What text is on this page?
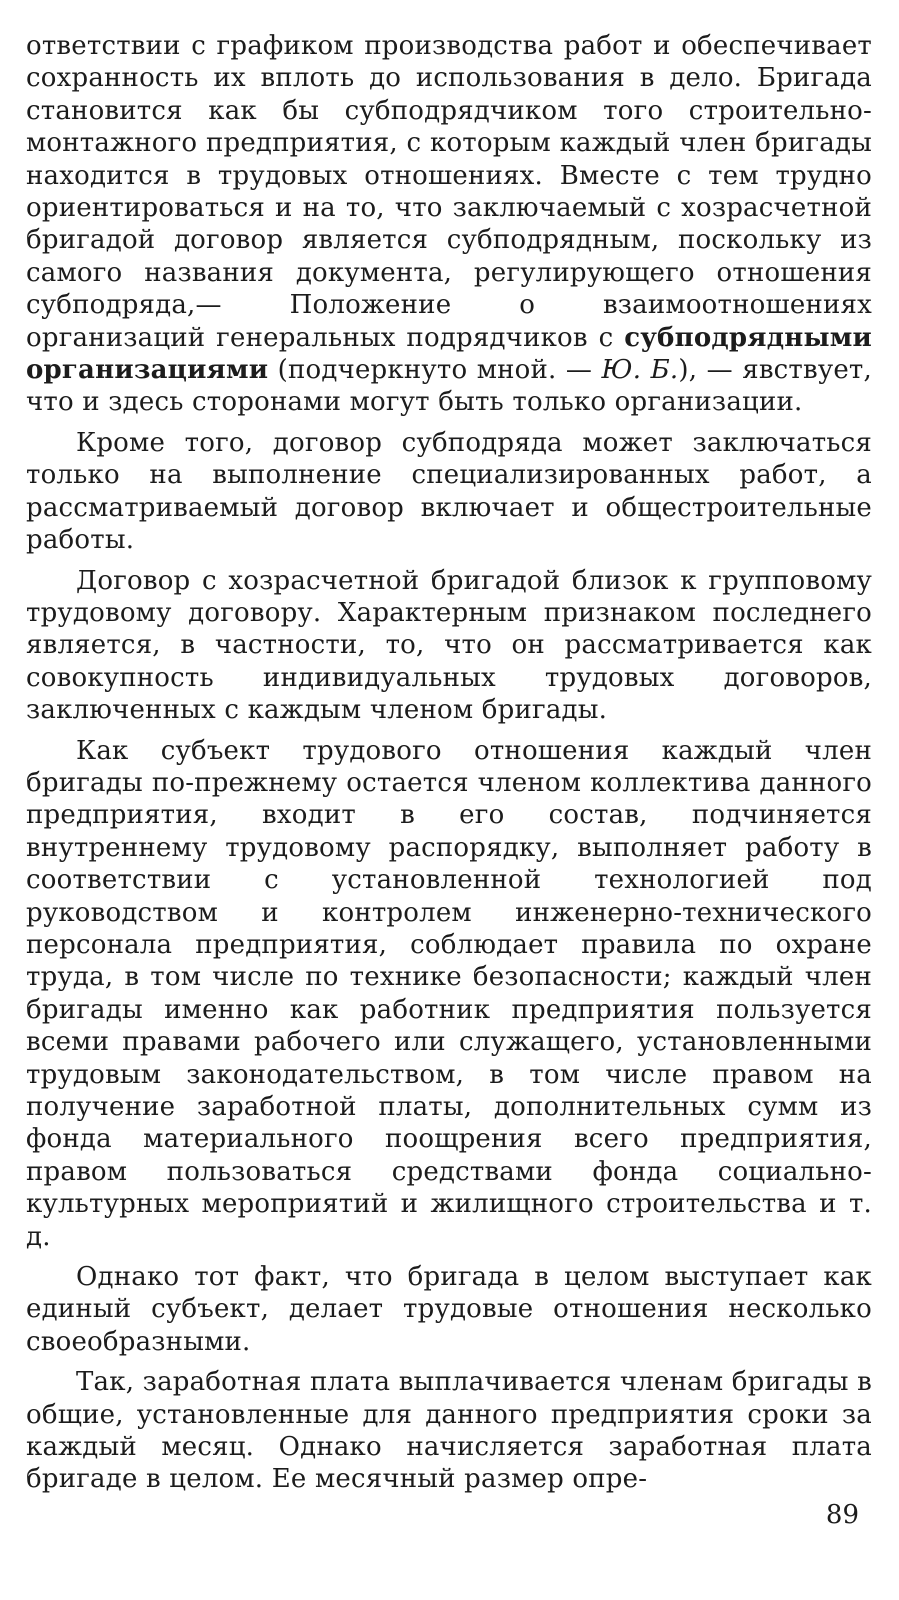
ответствии с графиком производства работ и обеспечивает сохранность их вплоть до использования в дело. Бригада становится как бы субподрядчиком того строительно-монтажного предприятия, с которым каждый член бригады находится в трудовых отношениях. Вместе с тем трудно ориентироваться и на то, что заключаемый с хозрасчетной бригадой договор является субподрядным, поскольку из самого названия документа, регулирующего отношения субподряда,— Положение о взаимоотношениях организаций генеральных подрядчиков с субподрядными организациями (подчеркнуто мной. — Ю. Б.), — явствует, что и здесь сторонами могут быть только организации.

Кроме того, договор субподряда может заключаться только на выполнение специализированных работ, а рассматриваемый договор включает и общестроительные работы.

Договор с хозрасчетной бригадой близок к групповому трудовому договору. Характерным признаком последнего является, в частности, то, что он рассматривается как совокупность индивидуальных трудовых договоров, заключенных с каждым членом бригады.

Как субъект трудового отношения каждый член бригады по-прежнему остается членом коллектива данного предприятия, входит в его состав, подчиняется внутреннему трудовому распорядку, выполняет работу в соответствии с установленной технологией под руководством и контролем инженерно-технического персонала предприятия, соблюдает правила по охране труда, в том числе по технике безопасности; каждый член бригады именно как работник предприятия пользуется всеми правами рабочего или служащего, установленными трудовым законодательством, в том числе правом на получение заработной платы, дополнительных сумм из фонда материального поощрения всего предприятия, правом пользоваться средствами фонда социально-культурных мероприятий и жилищного строительства и т. д.

Однако тот факт, что бригада в целом выступает как единый субъект, делает трудовые отношения несколько своеобразными.

Так, заработная плата выплачивается членам бригады в общие, установленные для данного предприятия сроки за каждый месяц. Однако начисляется заработная плата бригаде в целом. Ее месячный размер опре-

89
